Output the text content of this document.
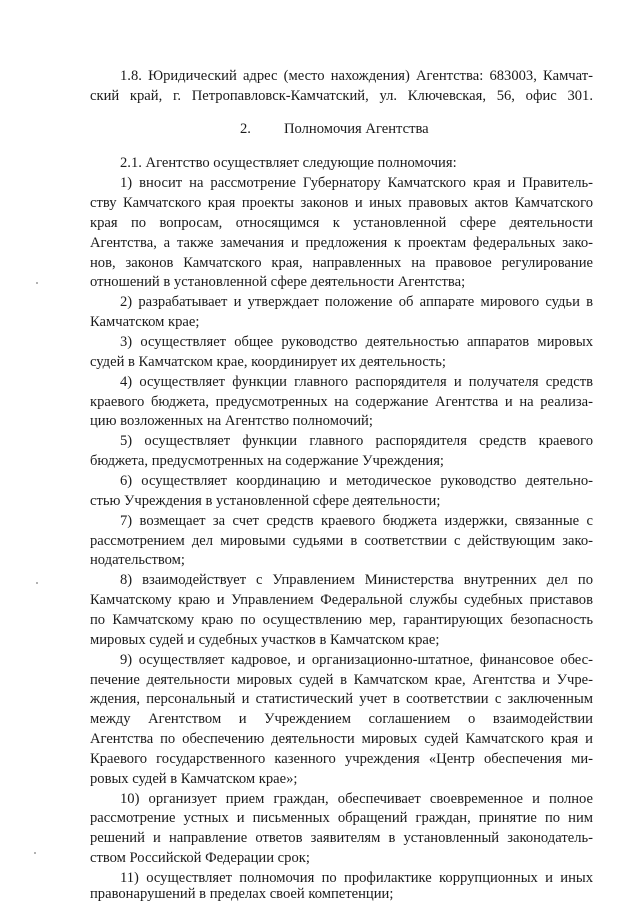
1.8. Юридический адрес (место нахождения) Агентства: 683003, Камчат-
ский край, г. Петропавловск-Камчатский, ул. Ключевская, 56, офис 301.
2. Полномочия Агентства
2.1. Агентство осуществляет следующие полномочия:
1) вносит на рассмотрение Губернатору Камчатского края и Правитель-
ству Камчатского края проекты законов и иных правовых актов Камчатского
края по вопросам, относящимся к установленной сфере деятельности
Агентства, а также замечания и предложения к проектам федеральных зако-
нов, законов Камчатского края, направленных на правовое регулирование
отношений в установленной сфере деятельности Агентства;
2) разрабатывает и утверждает положение об аппарате мирового судьи в
Камчатском крае;
3) осуществляет общее руководство деятельностью аппаратов мировых
судей в Камчатском крае, координирует их деятельность;
4) осуществляет функции главного распорядителя и получателя средств
краевого бюджета, предусмотренных на содержание Агентства и на реализа-
цию возложенных на Агентство полномочий;
5) осуществляет функции главного распорядителя средств краевого
бюджета, предусмотренных на содержание Учреждения;
6) осуществляет координацию и методическое руководство деятельно-
стью Учреждения в установленной сфере деятельности;
7) возмещает за счет средств краевого бюджета издержки, связанные с
рассмотрением дел мировыми судьями в соответствии с действующим зако-
нодательством;
8) взаимодействует с Управлением Министерства внутренних дел по
Камчатскому краю и Управлением Федеральной службы судебных приставов
по Камчатскому краю по осуществлению мер, гарантирующих безопасность
мировых судей и судебных участков в Камчатском крае;
9) осуществляет кадровое, и организационно-штатное, финансовое обес-
печение деятельности мировых судей в Камчатском крае, Агентства и Учре-
ждения, персональный и статистический учет в соответствии с заключенным
между Агентством и Учреждением соглашением о взаимодействии
Агентства по обеспечению деятельности мировых судей Камчатского края и
Краевого государственного казенного учреждения «Центр обеспечения ми-
ровых судей в Камчатском крае»;
10) организует прием граждан, обеспечивает своевременное и полное
рассмотрение устных и письменных обращений граждан, принятие по ним
решений и направление ответов заявителям в установленный законодатель-
ством Российской Федерации срок;
11) осуществляет полномочия по профилактике коррупционных и иных
правонарушений в пределах своей компетенции;
